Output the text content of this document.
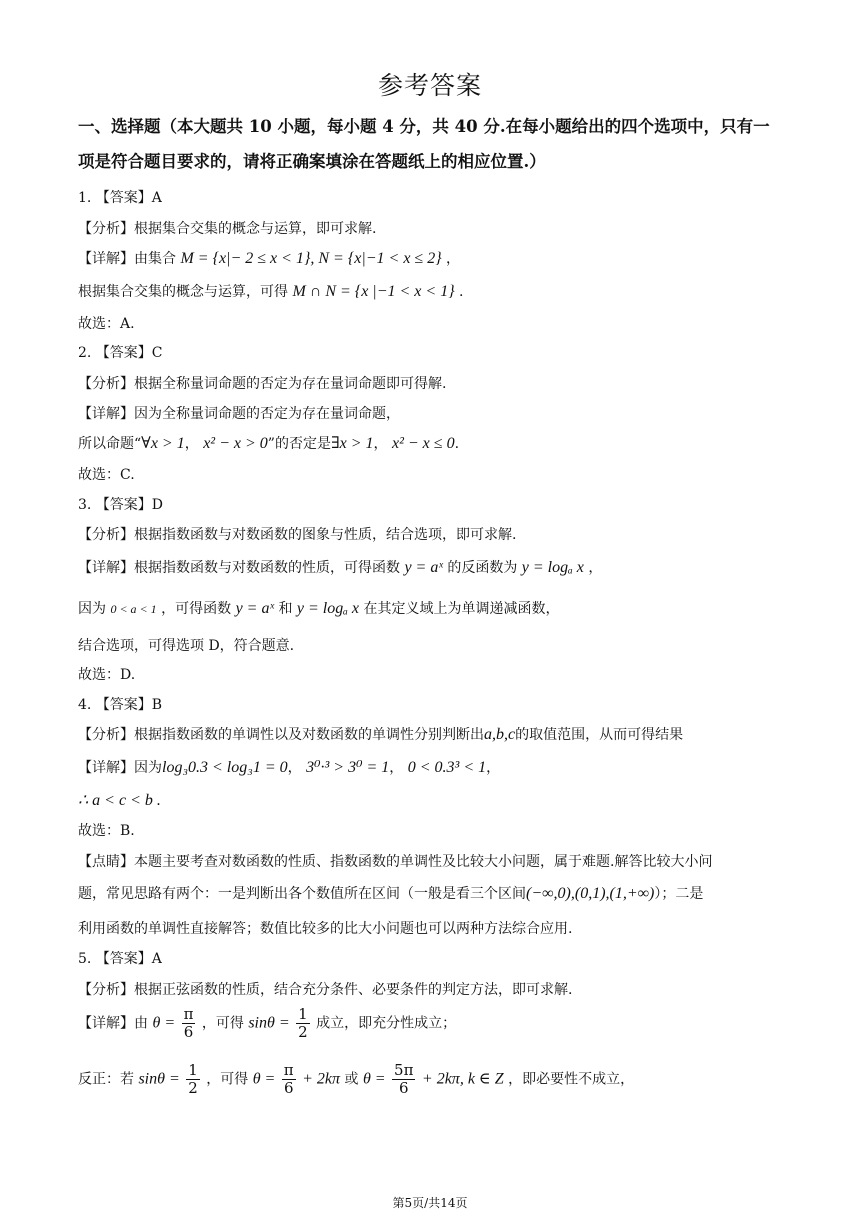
参考答案
一、选择题（本大题共 10 小题，每小题 4 分，共 40 分.在每小题给出的四个选项中，只有一
项是符合题目要求的，请将正确案填涂在答题纸上的相应位置.）
1. 【答案】A
【分析】根据集合交集的概念与运算，即可求解.
【详解】由集合 M = {x|− 2 ≤ x < 1}, N = {x|−1 < x ≤ 2} ，
根据集合交集的概念与运算，可得 M ∩ N = {x |−1 < x < 1} .
故选：A.
2. 【答案】C
【分析】根据全称量词命题的否定为存在量词命题即可得解.
【详解】因为全称量词命题的否定为存在量词命题，
所以命题“∀x > 1， x² − x > 0”的否定是∃x > 1， x² − x ≤ 0.
故选：C.
3. 【答案】D
【分析】根据指数函数与对数函数的图象与性质，结合选项，即可求解.
【详解】根据指数函数与对数函数的性质，可得函数 y = aˣ 的反函数为 y = logₐ x ，
因为 0 < a < 1 ，可得函数 y = aˣ 和 y = logₐ x 在其定义域上为单调递减函数，
结合选项，可得选项 D，符合题意.
故选：D.
4. 【答案】B
【分析】根据指数函数的单调性以及对数函数的单调性分别判断出a,b,c的取值范围，从而可得结果
【详解】因为log₃0.3 < log₃1 = 0， 3⁰·³ > 3⁰ = 1， 0 < 0.3³ < 1，
∴ a < c < b .
故选：B.
【点睛】本题主要考查对数函数的性质、指数函数的单调性及比较大小问题，属于难题.解答比较大小问
题，常见思路有两个：一是判断出各个数值所在区间（一般是看三个区间(−∞,0),(0,1),(1,+∞)）；二是
利用函数的单调性直接解答；数值比较多的比大小问题也可以两种方法综合应用.
5. 【答案】A
【分析】根据正弦函数的性质，结合充分条件、必要条件的判定方法，即可求解.
【详解】由 $\theta = \frac{\pi}{6}$ ，可得 $\sin\theta = \frac{1}{2}$ 成立，即充分性成立；
反正：若 $\sin\theta = \frac{1}{2}$ ，可得 $\theta = \frac{\pi}{6} + 2k\pi$ 或 $\theta = \frac{5\pi}{6} + 2k\pi$, k ∈ Z ，即必要性不成立，
第5页/共14页
